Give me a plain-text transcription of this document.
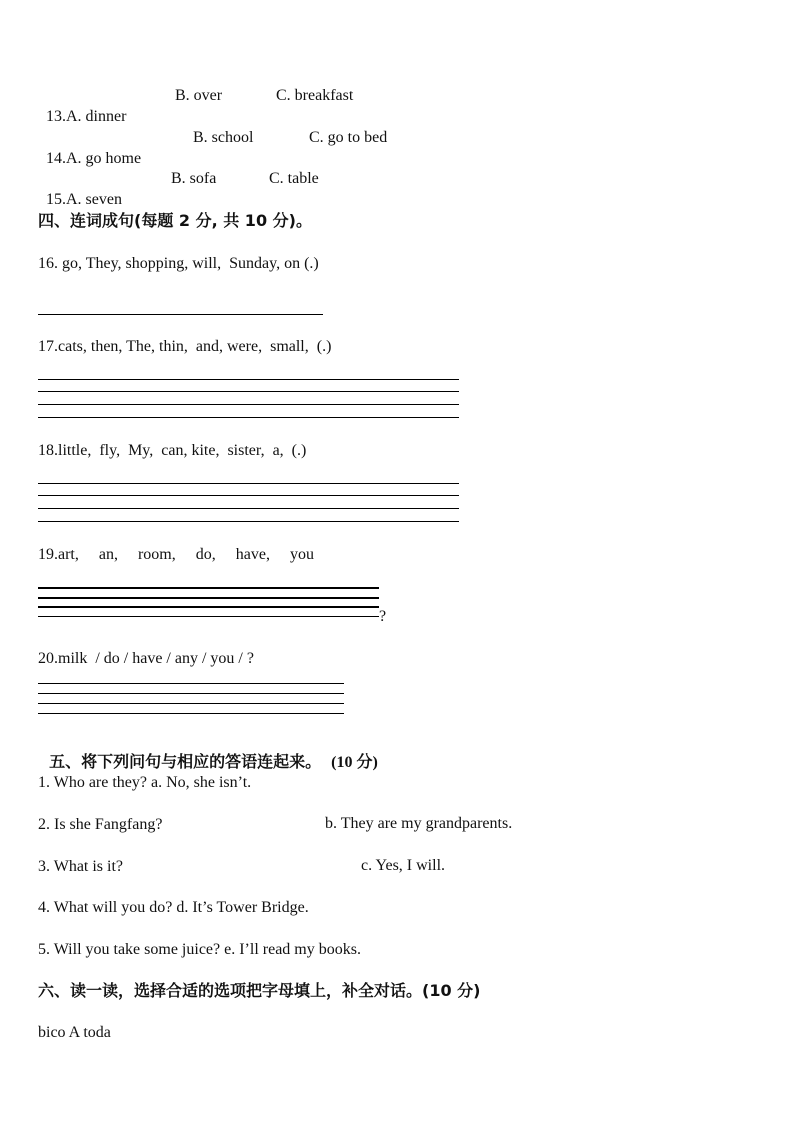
13.A. dinner

B. over	C. breakfast

14.A. go home

B. school	C. go to bed

15.A. seven

B. sofa	C. table
四、连词成句(每题 2 分, 共 10 分)。
16. go, They, shopping, will,  Sunday, on (.)
17.cats, then, The, thin,  and, were,  small,  (.)
18.little,  fly,  My,  can, kite,  sister,  a,  (.)
19.art,     an,     room,     do,     have,     you
?
20.milk  / do / have / any / you / ?

五、将下列问句与相应的答语连起来。 (10 分)

1. Who are they? a. No, she isn’t.
2. Is she Fangfang?	b. They are my grandparents.
3. What is it?	c. Yes, I will.
4. What will you do? d. It’s Tower Bridge.
5. Will you take some juice? e. I’ll read my books.
六、读一读，选择合适的选项把字母填上，补全对话。(10 分)
bico A toda
